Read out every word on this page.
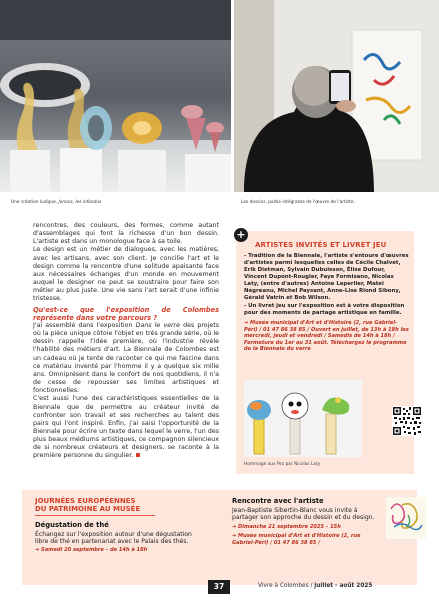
Une création ludique, Jonons, les infondus	Les dessins, partie intégrante de l'œuvre de l'artiste.

rencontres, des couleurs, des formes, comme autant d'assemblages qui font la richesse d'un bon dessin. L'artiste est dans un monologue face à sa toile.

Le design est un métier de dialogues, avec les matières, avec les artisans, avec son client. Je concilie l'art et le design comme la rencontre d'une solitude apaisante face aux nécessaires échanges d'un monde en mouvement auquel le designer ne peut se soustraire pour faire son métier au plus juste. Une vie sans l'art serait d'une infinie tristesse.

Qu'est-ce que l'exposition de Colombes représente dans votre parcours ?

J'ai assemblé dans l'exposition Dans le verre des projets où la pièce unique côtoie l'objet en très grande série, où le dessin rappelle l'idée première, où l'industrie révèle l'habilité des métiers d'art. La Biennale de Colombes est un cadeau où je tente de raconter ce qui me fascine dans ce matériau inventé par l'homme il y a quelque six mille ans. Omniprésent dans le confort de nos quotidiens, il n'a de cesse de repousser ses limites artistiques et fonctionnelles.

C'est aussi l'une des caractéristiques essentielles de la Biennale que de permettre au créateur invité de confronter son travail et ses recherches au talent des pairs qui l'ont inspiré. Enfin, j'ai saisi l'opportunité de la Biennale pour écrire un texte dans lequel le verre, l'un des plus beaux médiums artistiques, ce compagnon silencieux de si nombreux créateurs et designers, se raconte à la première personne du singulier.

+
ARTISTES INVITÉS ET LIVRET JEU

- Tradition de la Biennale, l'artiste s'entoure d'œuvres d'artistes parmi lesquelles celles de Cécile Chalvet, Erik Dietman, Sylvain Dubuisson, Élise Dufour, Vincent Dupont-Rougier, Faye Formisano, Nicolas Laty, (entre d'autres) Antoine Leperlier, Matei Négreanu, Michel Paysant, Anne-Lise Riond Sibony, Gérald Vatrin et Bob Wilson.

- Un livret jeu sur l'exposition est à votre disposition pour des moments de partage artistique en famille.

➔ Musée municipal d'Art et d'Histoire (2, rue Gabriel-Péri) / 01 47 86 38 85 / Ouvert en juillet, de 13h à 18h les mercredi, jeudi et vendredi / Samedis de 14h à 18h / Fermeture du 1er au 31 août. Téléchargez le programme de la Biennale du verre

Hommage aux Pez par Nicolas Laty
JOURNÉES EUROPÉENNES
DU PATRIMOINE AU MUSÉE
Dégustation de thé
Échangez sur l'exposition autour d'une dégustation libre de thé en partenariat avec le Palais des thés.
➔ Samedi 20 septembre – de 14h à 18h
Rencontre avec l'artiste
Jean-Baptiste Sibertin-Blanc vous invite à partager son approche du dessin et du design.
➔ Dimanche 21 septembre 2025 – 15h
➔ Musée municipal d'Art et d'Histoire (2, rue Gabriel-Péri) / 01 47 86 38 85 /
37	Vivre à Colombes / juillet - août 2025
